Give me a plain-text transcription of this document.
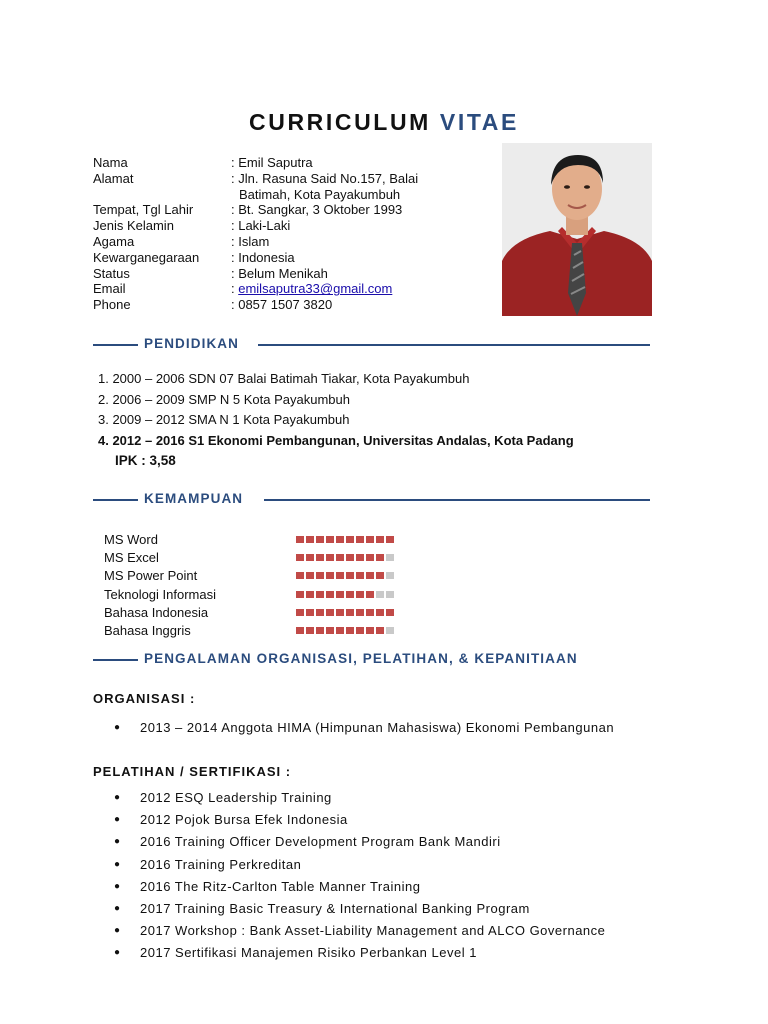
CURRICULUM VITAE
Nama	: Emil Saputra
Alamat	: Jln. Rasuna Said No.157, Balai
Batimah, Kota Payakumbuh
Tempat, Tgl Lahir	: Bt. Sangkar, 3 Oktober 1993
Jenis Kelamin	: Laki-Laki
Agama	: Islam
Kewarganegaraan	: Indonesia
Status	: Belum Menikah
Email	: emilsaputra33@gmail.com
Phone	: 0857 1507 3820
PENDIDIKAN
1. 2000 – 2006 SDN 07 Balai Batimah Tiakar, Kota Payakumbuh
2. 2006 – 2009 SMP N 5 Kota Payakumbuh
3. 2009 – 2012 SMA N 1 Kota Payakumbuh
4. 2012 – 2016 S1 Ekonomi Pembangunan, Universitas Andalas, Kota Padang
IPK : 3,58
KEMAMPUAN
MS Word
MS Excel
MS Power Point
Teknologi Informasi
Bahasa Indonesia
Bahasa Inggris
PENGALAMAN ORGANISASI, PELATIHAN, & KEPANITIAAN
ORGANISASI :
●	2013 – 2014 Anggota HIMA (Himpunan Mahasiswa) Ekonomi Pembangunan
PELATIHAN / SERTIFIKASI :
●	2012 ESQ Leadership Training
●	2012 Pojok Bursa Efek Indonesia
●	2016 Training Officer Development Program Bank Mandiri
●	2016 Training Perkreditan
●	2016 The Ritz-Carlton Table Manner Training
●	2017 Training Basic Treasury & International Banking Program
●	2017 Workshop : Bank Asset-Liability Management and ALCO Governance
●	2017 Sertifikasi Manajemen Risiko Perbankan Level 1
